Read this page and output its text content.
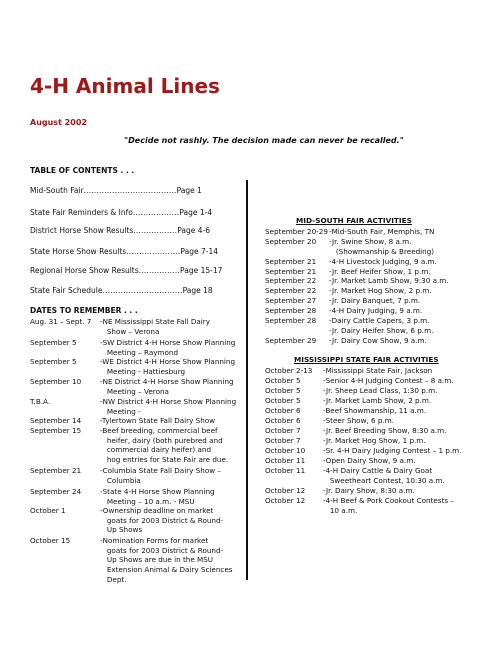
4-H Animal Lines
August 2002
"Decide not rashly. The decision made can never be recalled."
TABLE OF CONTENTS . . .
Mid-South Fair....................................Page 1
State Fair Reminders & Info..................Page 1-4
District Horse Show Results.................Page 4-6
State Horse Show Results.....................Page 7-14
Regional Horse Show Results................Page 15-17
State Fair Schedule...............................Page 18
DATES TO REMEMBER . . .
Aug. 31 – Sept. 7 -NE Mississippi State Fall Dairy
Show – Verona
September 5	-SW District 4-H Horse Show Planning
Meeting – Raymond
September 5	-WE District 4-H Horse Show Planning
Meeting - Hattiesburg
September 10	-NE District 4-H Horse Show Planning
Meeting – Verona
T.B.A.	-NW District 4-H Horse Show Planning
Meeting -
September 14	-Tylertown State Fall Dairy Show
September 15	-Beef breeding, commercial beef
heifer, dairy (both purebred and
commercial dairy heifer) and
hog entries for State Fair are due.
September 21	-Columbia State Fall Dairy Show –
Columbia
September 24	-State 4-H Horse Show Planning
Meeting – 10 a.m. - MSU
October 1	-Ownership deadline on market
goats for 2003 District & Round-
Up Shows
October 15	-Nomination Forms for market
goats for 2003 District & Round-
Up Shows are due in the MSU
Extension Animal & Dairy Sciences
Dept.
MID-SOUTH FAIR ACTIVITIES
September 20-29 -Mid-South Fair, Memphis, TN
September 20 -Jr. Swine Show, 8 a.m.
(Showmanship & Breeding)
September 21 -4-H Livestock Judging, 9 a.m.
September 21 -Jr. Beef Heifer Show, 1 p.m.
September 22 -Jr. Market Lamb Show, 9:30 a.m.
September 22 -Jr. Market Hog Show, 2 p.m.
September 27 -Jr. Dairy Banquet, 7 p.m.
September 28 -4-H Dairy Judging, 9 a.m.
September 28 -Dairy Cattle Capers, 3 p.m.
-Jr. Dairy Heifer Show, 6 p.m.
September 29 -Jr. Dairy Cow Show, 9 a.m.
MISSISSIPPI STATE FAIR ACTIVITIES
October 2-13 -Mississippi State Fair, Jackson
October 5	-Senior 4-H Judging Contest – 8 a.m.
October 5	-Jr. Sheep Lead Class, 1:30 p.m.
October 5	-Jr. Market Lamb Show, 2 p.m.
October 6	-Beef Showmanship, 11 a.m.
October 6	-Steer Show, 6 p.m.
October 7	-Jr. Beef Breeding Show, 8:30 a.m.
October 7	-Jr. Market Hog Show, 1 p.m.
October 10 -Sr. 4-H Dairy Judging Contest – 1 p.m.
October 11 -Open Dairy Show, 9 a.m.
October 11 -4-H Dairy Cattle & Dairy Goat
Sweetheart Contest, 10:30 a.m.
October 12 -Jr. Dairy Show, 8:30 a.m.
October 12 -4-H Beef & Pork Cookout Contests –
10 a.m.
